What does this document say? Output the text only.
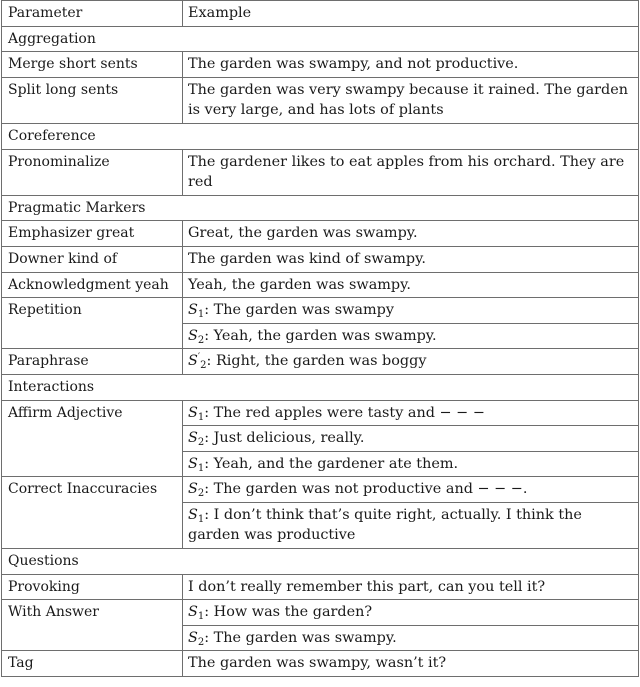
Parameter	Example
Aggregation	
Merge short sents	The garden was swampy, and not productive.
Split long sents	The garden was very swampy because it rained. The garden is very large, and has lots of plants
Coreference	
Pronominalize	The gardener likes to eat apples from his orchard. They are red
Pragmatic Markers	
Emphasizer great	Great, the garden was swampy.
Downer kind of	The garden was kind of swampy.
Acknowledgment yeah	Yeah, the garden was swampy.
Repetition	$S_1$: The garden was swampy
	$S_2$: Yeah, the garden was swampy.
Paraphrase	$S'_2$: Right, the garden was boggy
Interactions	
Affirm Adjective	$S_1$: The red apples were tasty and − − −
	$S_2$: Just delicious, really.
	$S_1$: Yeah, and the gardener ate them.
Correct Inaccuracies	$S_2$: The garden was not productive and − − −.
	$S_1$: I don’t think that’s quite right, actually. I think the garden was productive
Questions	
Provoking	I don’t really remember this part, can you tell it?
With Answer	$S_1$: How was the garden?
	$S_2$: The garden was swampy.
Tag	The garden was swampy, wasn’t it?
